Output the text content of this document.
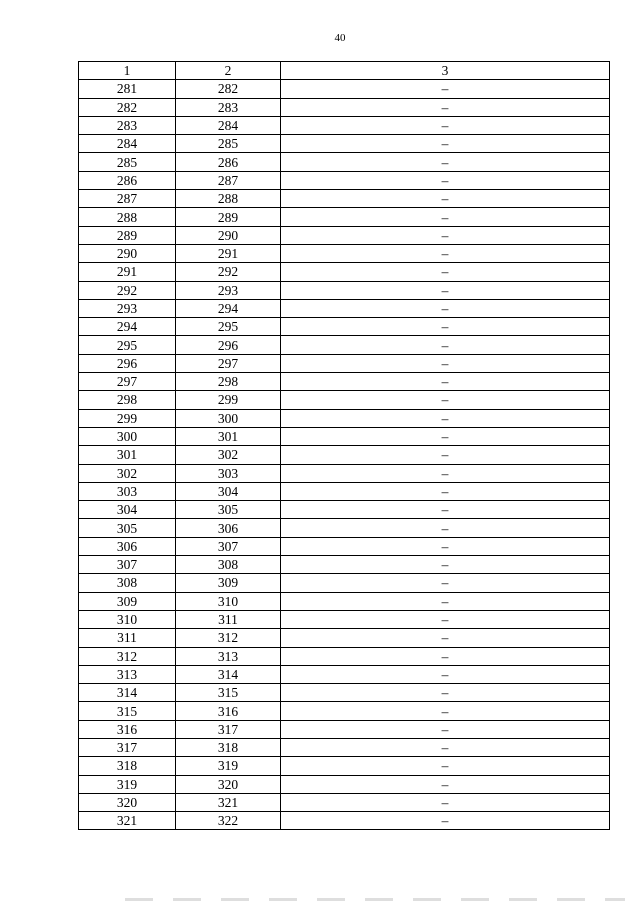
40
1	2	3
281	282	–
282	283	–
283	284	–
284	285	–
285	286	–
286	287	–
287	288	–
288	289	–
289	290	–
290	291	–
291	292	–
292	293	–
293	294	–
294	295	–
295	296	–
296	297	–
297	298	–
298	299	–
299	300	–
300	301	–
301	302	–
302	303	–
303	304	–
304	305	–
305	306	–
306	307	–
307	308	–
308	309	–
309	310	–
310	311	–
311	312	–
312	313	–
313	314	–
314	315	–
315	316	–
316	317	–
317	318	–
318	319	–
319	320	–
320	321	–
321	322	–
